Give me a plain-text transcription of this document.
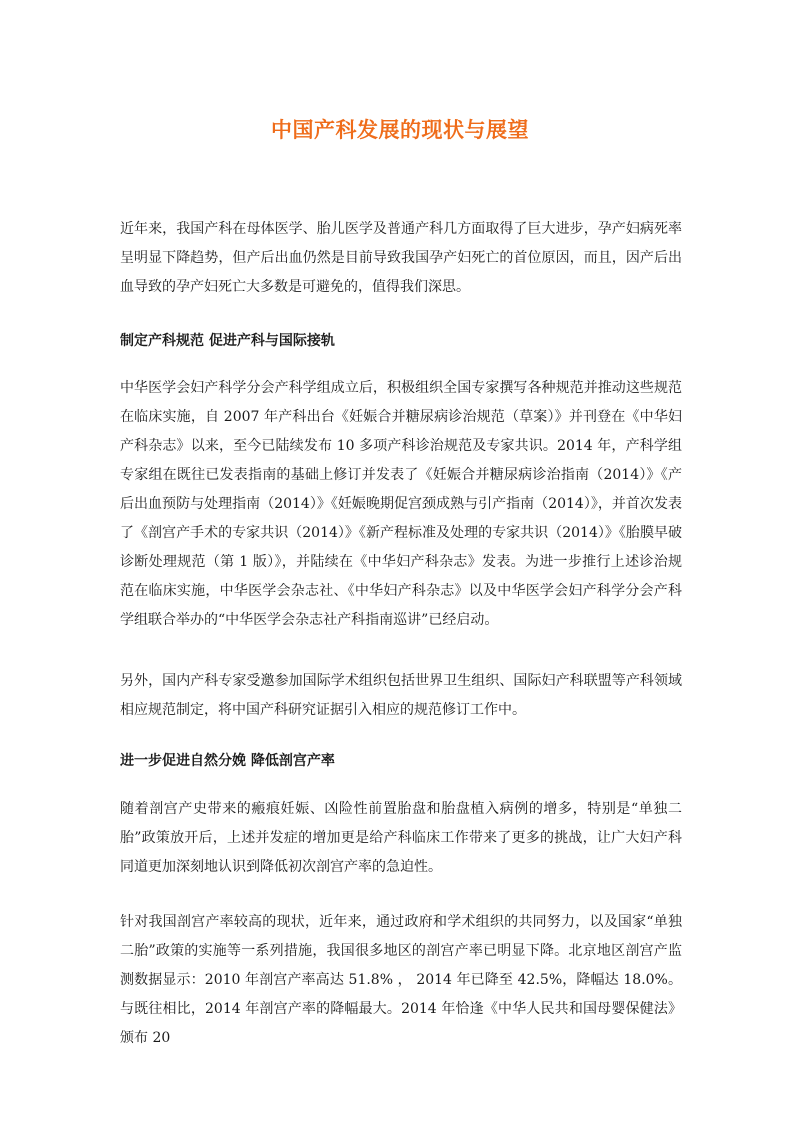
中国产科发展的现状与展望

近年来，我国产科在母体医学、胎儿医学及普通产科几方面取得了巨大进步，孕产妇病死率呈明显下降趋势，但产后出血仍然是目前导致我国孕产妇死亡的首位原因，而且，因产后出血导致的孕产妇死亡大多数是可避免的，值得我们深思。

制定产科规范 促进产科与国际接轨

中华医学会妇产科学分会产科学组成立后，积极组织全国专家撰写各种规范并推动这些规范在临床实施，自 2007 年产科出台《妊娠合并糖尿病诊治规范（草案）》并刊登在《中华妇产科杂志》以来，至今已陆续发布 10 多项产科诊治规范及专家共识。2014 年，产科学组专家组在既往已发表指南的基础上修订并发表了《妊娠合并糖尿病诊治指南（2014）》《产后出血预防与处理指南（2014）》《妊娠晚期促宫颈成熟与引产指南（2014）》，并首次发表了《剖宫产手术的专家共识（2014）》《新产程标准及处理的专家共识（2014）》《胎膜早破诊断处理规范（第 1 版）》，并陆续在《中华妇产科杂志》发表。为进一步推行上述诊治规范在临床实施，中华医学会杂志社、《中华妇产科杂志》以及中华医学会妇产科学分会产科学组联合举办的“中华医学会杂志社产科指南巡讲”已经启动。

另外，国内产科专家受邀参加国际学术组织包括世界卫生组织、国际妇产科联盟等产科领域相应规范制定，将中国产科研究证据引入相应的规范修订工作中。

进一步促进自然分娩 降低剖宫产率

随着剖宫产史带来的瘢痕妊娠、凶险性前置胎盘和胎盘植入病例的增多，特别是“单独二胎”政策放开后，上述并发症的增加更是给产科临床工作带来了更多的挑战，让广大妇产科同道更加深刻地认识到降低初次剖宫产率的急迫性。

针对我国剖宫产率较高的现状，近年来，通过政府和学术组织的共同努力，以及国家“单独二胎”政策的实施等一系列措施，我国很多地区的剖宫产率已明显下降。北京地区剖宫产监测数据显示：2010 年剖宫产率高达 51.8% ， 2014 年已降至 42.5%，降幅达 18.0%。与既往相比，2014 年剖宫产率的降幅最大。2014 年恰逢《中华人民共和国母婴保健法》颁布 20
